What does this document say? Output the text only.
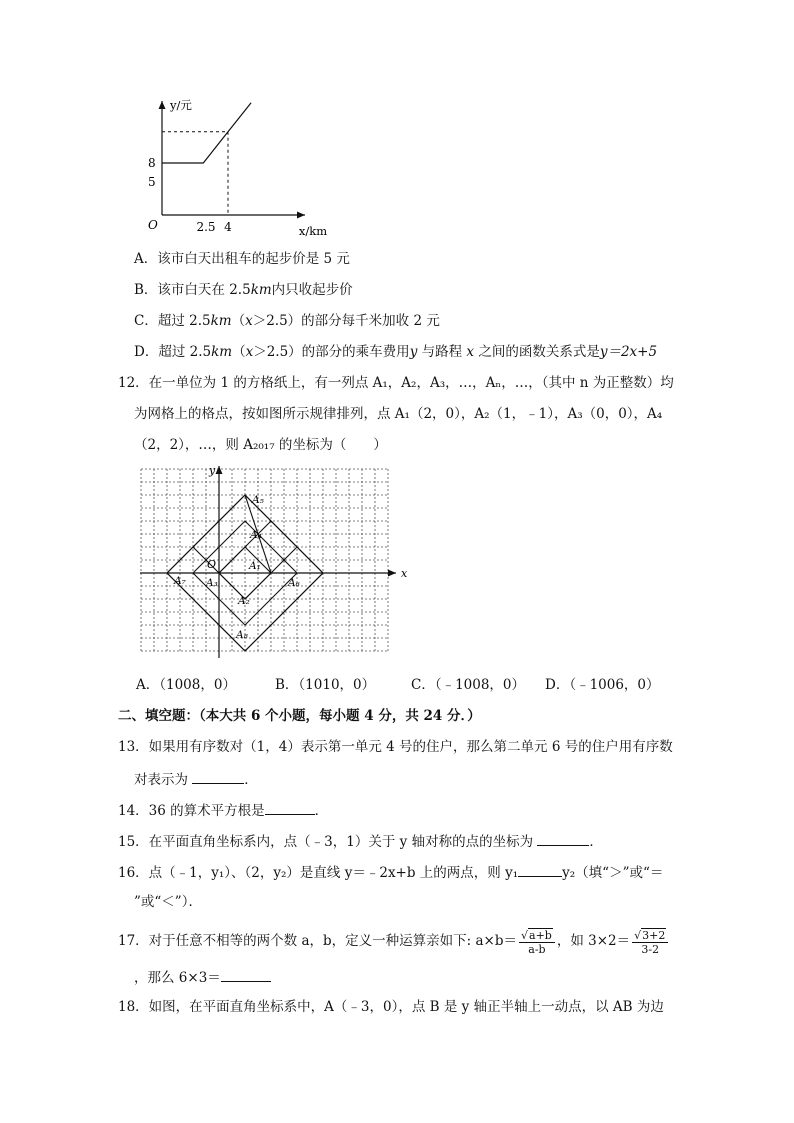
y/元
x/km
O
8
5
2.5 4
A．该市白天出租车的起步价是 5 元
B．该市白天在 2.5km内只收起步价
C．超过 2.5km（x＞2.5）的部分每千米加收 2 元
D．超过 2.5km（x＞2.5）的部分的乘车费用y 与路程 x 之间的函数关系式是y＝2x+5
12．在一单位为 1 的方格纸上，有一列点 A₁，A₂，A₃，…，Aₙ，…，（其中 n 为正整数）均
为网格上的格点，按如图所示规律排列，点 A₁（2，0），A₂（1，﹣1），A₃（0，0），A₄
（2，2），…，则 A₂₀₁₇ 的坐标为（　　）
x
y
O	A₁
A₂
A₃
A₄
A₅
A₆
A₇
A₈
A．（1008，0）	B．（1010，0）	C．（﹣1008，0） D．（﹣1006，0）
二、填空题：（本大共 6 个小题，每小题 4 分，共 24 分．）
13．如果用有序数对（1，4）表示第一单元 4 号的住户，那么第二单元 6 号的住户用有序数
对表示为	．
14．36 的算术平方根是	．
15．在平面直角坐标系内，点（﹣3，1）关于 y 轴对称的点的坐标为	．
16．点（﹣1，y₁）、（2，y₂）是直线 y＝﹣2x+b 上的两点，则 y₁	y₂（填“＞”或“＝
”或“＜”）．
17．对于任意不相等的两个数 a，b，定义一种运算亲如下: $a\times b= \frac{√a+b}{a-b}$ ，如 $3\times 2= \frac{√3+2}{3-2}$
，那么 6×3＝
18．如图，在平面直角坐标系中，A（﹣3，0），点 B 是 y 轴正半轴上一动点，以 AB 为边
